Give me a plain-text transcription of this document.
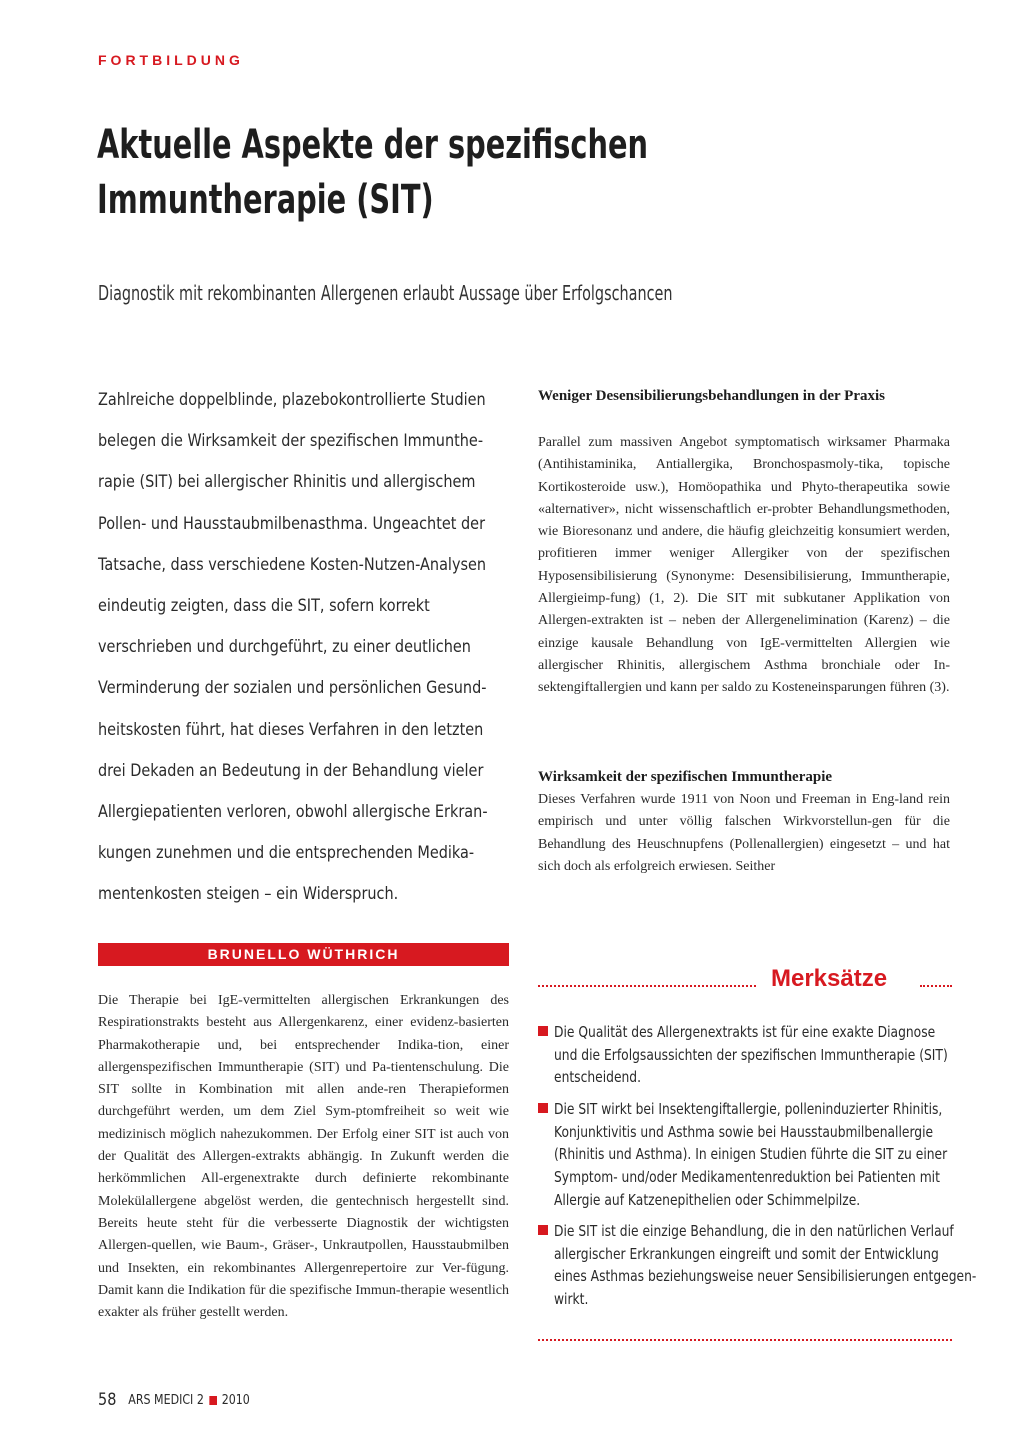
FORTBILDUNG
Aktuelle Aspekte der spezifischen
Immuntherapie (SIT)
Diagnostik mit rekombinanten Allergenen erlaubt Aussage über Erfolgschancen
Zahlreiche doppelblinde, plazebokontrollierte Studien
belegen die Wirksamkeit der spezifischen Immunthe-
rapie (SIT) bei allergischer Rhinitis und allergischem
Pollen- und Hausstaubmilbenasthma. Ungeachtet der
Tatsache, dass verschiedene Kosten-Nutzen-Analysen
eindeutig zeigten, dass die SIT, sofern korrekt
verschrieben und durchgeführt, zu einer deutlichen
Verminderung der sozialen und persönlichen Gesund-
heitskosten führt, hat dieses Verfahren in den letzten
drei Dekaden an Bedeutung in der Behandlung vieler
Allergiepatienten verloren, obwohl allergische Erkran-
kungen zunehmen und die entsprechenden Medika-
mentenkosten steigen – ein Widerspruch.
BRUNELLO WÜTHRICH
Die Therapie bei IgE-vermittelten allergischen Erkrankungen des Respirationstrakts besteht aus Allergenkarenz, einer evidenz-basierten Pharmakotherapie und, bei entsprechender Indika-tion, einer allergenspezifischen Immuntherapie (SIT) und Pa-tientenschulung. Die SIT sollte in Kombination mit allen ande-ren Therapieformen durchgeführt werden, um dem Ziel Sym-ptomfreiheit so weit wie medizinisch möglich nahezukommen. Der Erfolg einer SIT ist auch von der Qualität des Allergen-extrakts abhängig. In Zukunft werden die herkömmlichen All-ergenextrakte durch definierte rekombinante Molekülallergene abgelöst werden, die gentechnisch hergestellt sind. Bereits heute steht für die verbesserte Diagnostik der wichtigsten Allergen-quellen, wie Baum-, Gräser-, Unkrautpollen, Hausstaubmilben und Insekten, ein rekombinantes Allergenrepertoire zur Ver-fügung. Damit kann die Indikation für die spezifische Immun-therapie wesentlich exakter als früher gestellt werden.
Weniger Desensibilierungsbehandlungen in der Praxis
Parallel zum massiven Angebot symptomatisch wirksamer Pharmaka (Antihistaminika, Antiallergika, Bronchospasmoly-tika, topische Kortikosteroide usw.), Homöopathika und Phyto-therapeutika sowie «alternativer», nicht wissenschaftlich er-probter Behandlungsmethoden, wie Bioresonanz und andere, die häufig gleichzeitig konsumiert werden, profitieren immer weniger Allergiker von der spezifischen Hyposensibilisierung (Synonyme: Desensibilisierung, Immuntherapie, Allergieimp-fung) (1, 2). Die SIT mit subkutaner Applikation von Allergen-extrakten ist – neben der Allergenelimination (Karenz) – die einzige kausale Behandlung von IgE-vermittelten Allergien wie allergischer Rhinitis, allergischem Asthma bronchiale oder In-sektengiftallergien und kann per saldo zu Kosteneinsparungen führen (3).
Wirksamkeit der spezifischen Immuntherapie
Dieses Verfahren wurde 1911 von Noon und Freeman in Eng-land rein empirisch und unter völlig falschen Wirkvorstellun-gen für die Behandlung des Heuschnupfens (Pollenallergien) eingesetzt – und hat sich doch als erfolgreich erwiesen. Seither
Merksätze
Die Qualität des Allergenextrakts ist für eine exakte Diagnose
und die Erfolgsaussichten der spezifischen Immuntherapie (SIT)
entscheidend.
Die SIT wirkt bei Insektengiftallergie, polleninduzierter Rhinitis,
Konjunktivitis und Asthma sowie bei Hausstaubmilbenallergie
(Rhinitis und Asthma). In einigen Studien führte die SIT zu einer
Symptom- und/oder Medikamentenreduktion bei Patienten mit
Allergie auf Katzenepithelien oder Schimmelpilze.
Die SIT ist die einzige Behandlung, die in den natürlichen Verlauf
allergischer Erkrankungen eingreift und somit der Entwicklung
eines Asthmas beziehungsweise neuer Sensibilisierungen entgegen-
wirkt.
58 ARS MEDICI 2 2010
